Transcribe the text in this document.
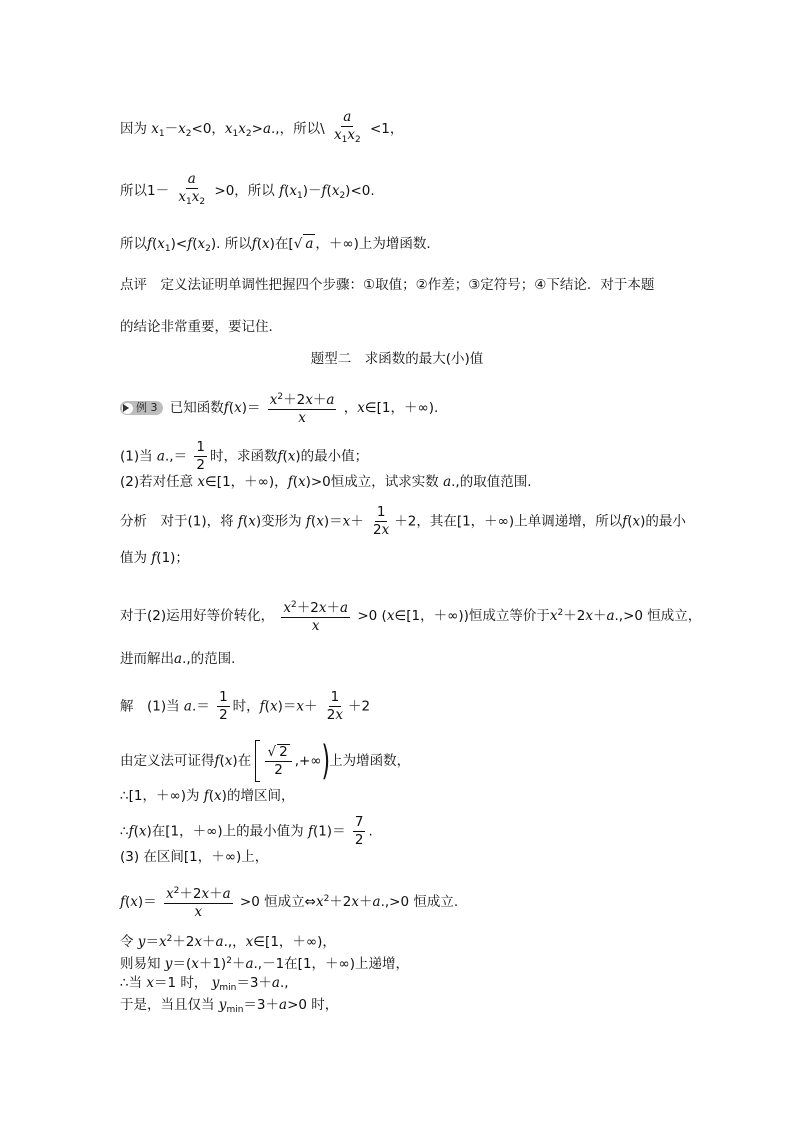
因为 $x_1-x_2<0$，$x_1x_2>a$.,，所以\ $\frac{a}{x_1x_2} <1$，
所以$1- \frac{a}{x_1x_2} >0$，所以 $f(x_1)-f(x_2)<0$.
所以$f(x_1)<f(x_2)$. 所以f(x)在[√ a ，＋∞)上为增函数.
点评　定义法证明单调性把握四个步骤：①取值；②作差；③定符号；④下结论．对于本题
的结论非常重要，要记住．
题型二　求函数的最大(小)值
例 3 已知函数$f(x)= \frac{x^2+2x+a}{x}$ ，x∈[1，＋∞).
(1)当 $a.,= \frac{1}{2}$ 时，求函数f(x)的最小值；
(2)若对任意 x∈[1，＋∞)，f(x)>0恒成立，试求实数 a.,的取值范围.
分析　对于(1)，将 f(x)变形为 $f(x)=x+ \frac{1}{2x} +2$，其在[1，＋∞)上单调递增，所以f(x)的最小
值为 f(1)；
对于(2)运用好等价转化， $\frac{x^2+2x+a}{x} >0$ (x∈[1，＋∞))恒成立等价于$x^2+2x+a.,>0$ 恒成立，
进而解出a.,的范围.
解　(1)当 $a.= \frac{1}{2}$ 时，$f(x)=x+ \frac{1}{2x} +2$
由定义法可证得f(x)在 $\frac{√ 2}{2}$ ,+∞)上为增函数，
∴[1，＋∞)为 f(x)的增区间，
∴f(x)在[1，＋∞)上的最小值为 $f(1)= \frac{7}{2}$ .
(3) 在区间[1，＋∞)上，
$f(x)= \frac{x^2+2x+a}{x} >0$ 恒成立$\Leftrightarrow x^2+2x+a.,>0$ 恒成立.
令 $y=x^2+2x+a$.,，x∈[1，＋∞)，
则易知 $y=(x+1)^2+a.,-1$在[1，＋∞)上递增，
∴当 x＝1 时， $y_{min}=3+a$.,
于是，当且仅当 $y_{min}=3+a>0$ 时，
